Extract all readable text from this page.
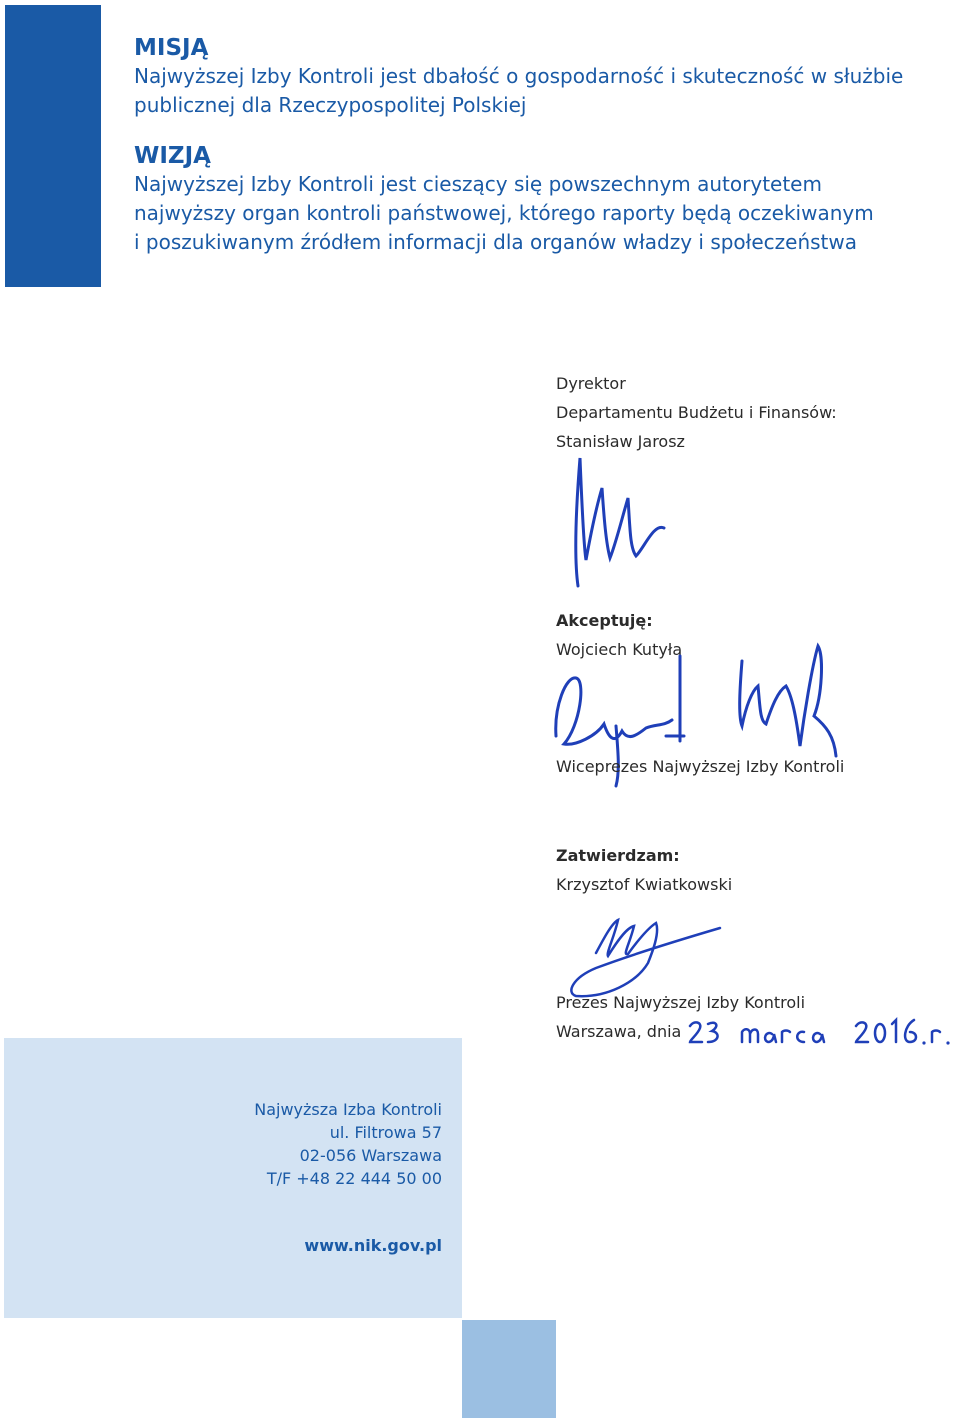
MISJĄ
Najwyższej Izby Kontroli jest dbałość o gospodarność i skuteczność w służbie
publicznej dla Rzeczypospolitej Polskiej
WIZJĄ
Najwyższej Izby Kontroli jest cieszący się powszechnym autorytetem
najwyższy organ kontroli państwowej, którego raporty będą oczekiwanym
i poszukiwanym źródłem informacji dla organów władzy i społeczeństwa
Dyrektor
Departamentu Budżetu i Finansów:
Stanisław Jarosz
Akceptuję:
Wojciech Kutyła
Wiceprezes Najwyższej Izby Kontroli
Zatwierdzam:
Krzysztof Kwiatkowski
Prezes Najwyższej Izby Kontroli
Warszawa, dnia
Najwyższa Izba Kontroli
ul. Filtrowa 57
02-056 Warszawa
T/F +48 22 444 50 00
www.nik.gov.pl
